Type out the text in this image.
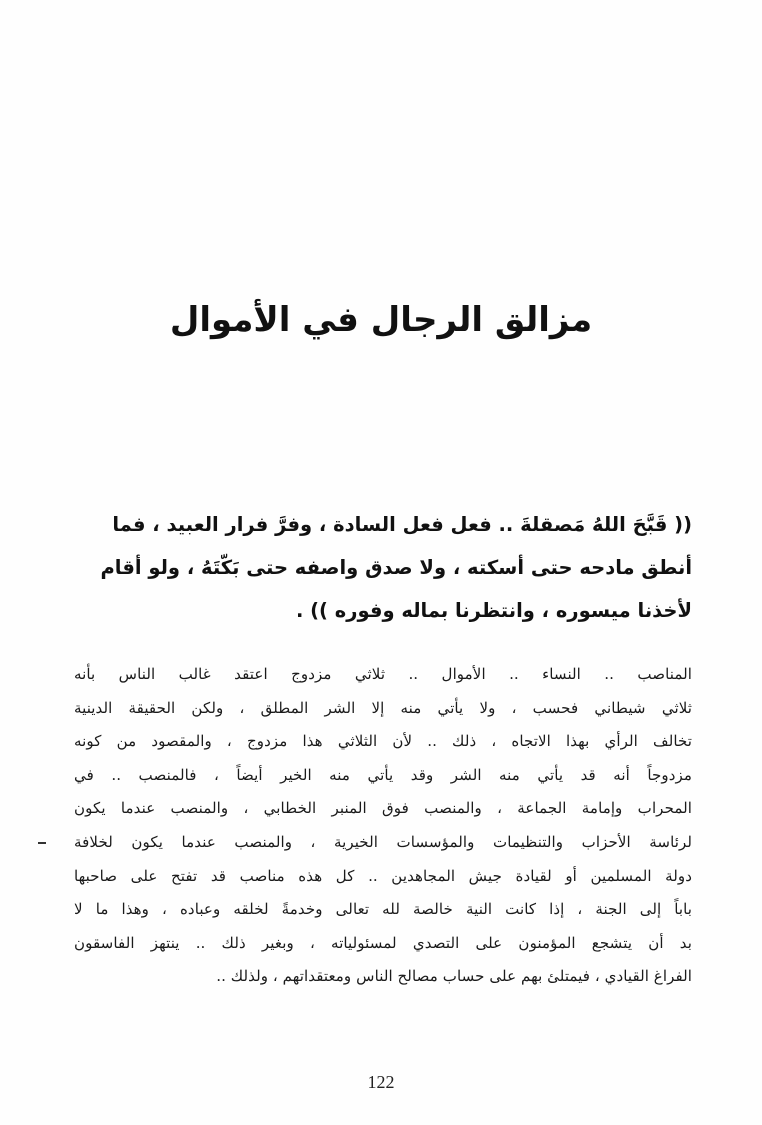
مزالق الرجال في الأموال
(( قَبَّحَ اللهُ مَصقلةَ .. فعل فعل السادة ، وفرَّ فرار العبيد ، فما
أنطق مادحه حتى أسكته ، ولا صدق واصفه حتى بَكّتَهُ ، ولو أقام
لأخذنا ميسوره ، وانتظرنا بماله وفوره )) .
المناصب .. النساء .. الأموال .. ثلاثي مزدوج اعتقد غالب الناس بأنه
ثلاثي شيطاني فحسب ، ولا يأتي منه إلا الشر المطلق ، ولكن الحقيقة الدينية
تخالف الرأي بهذا الاتجاه ، ذلك .. لأن الثلاثي هذا مزدوج ، والمقصود من كونه
مزدوجاً أنه قد يأتي منه الشر وقد يأتي منه الخير أيضاً ، فالمنصب .. في
المحراب وإمامة الجماعة ، والمنصب فوق المنبر الخطابي ، والمنصب عندما يكون
لرئاسة الأحزاب والتنظيمات والمؤسسات الخيرية ، والمنصب عندما يكون لخلافة
دولة المسلمين أو لقيادة جيش المجاهدين .. كل هذه مناصب قد تفتح على صاحبها
باباً إلى الجنة ، إذا كانت النية خالصة لله تعالى وخدمةً لخلقه وعباده ، وهذا ما لا
بد أن يتشجع المؤمنون على التصدي لمسئولياته ، وبغير ذلك .. ينتهز الفاسقون
الفراغ القيادي ، فيمتلئ بهم على حساب مصالح الناس ومعتقداتهم ، ولذلك ..
122
